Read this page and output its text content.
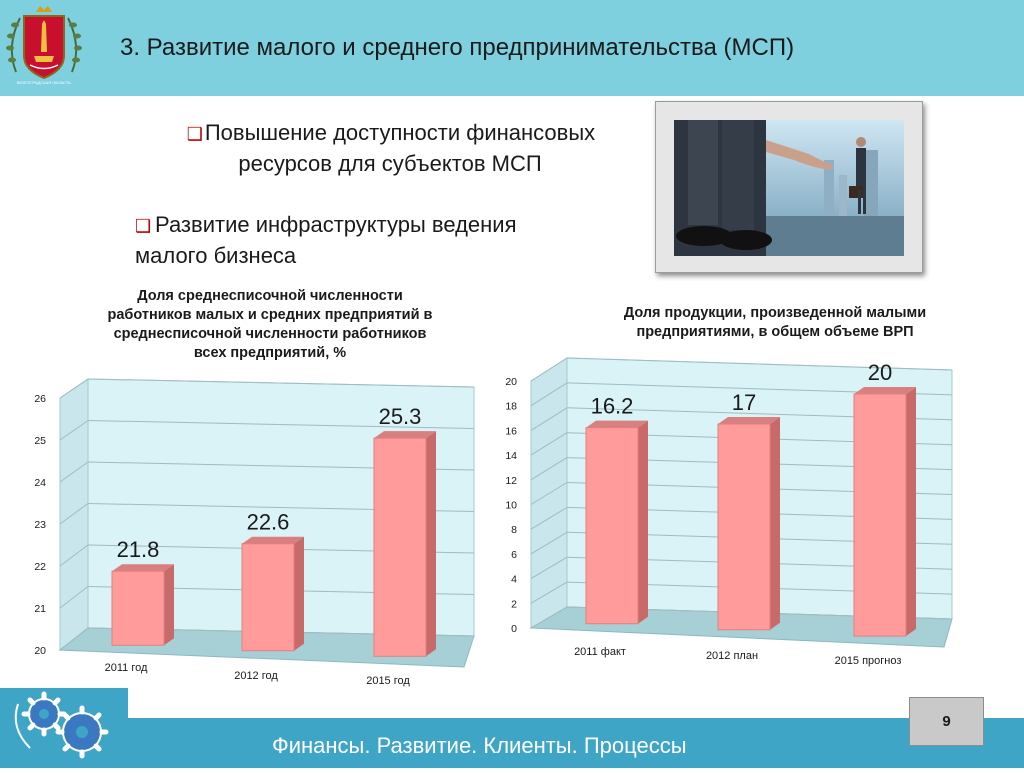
ВОЛГОГРАДСКАЯ ОБЛАСТЬ
3. Развитие малого и среднего предпринимательства (МСП)
❑Повышение доступности финансовых
ресурсов для субъектов МСП
❑ Развитие инфраструктуры ведения
малого бизнеса
Доля среднесписочной численности
работников малых и средних предприятий в
среднесписочной численности работников
всех предприятий, %
Доля продукции, произведенной малыми
предприятиями, в общем объеме ВРП
20
21
22
23
24
25
26
21.8
2011 год
22.6
2012 год
25.3
2015 год
0
2
4
6
8
10
12
14
16
18
20
16.2
2011 факт
17
2012 план
20
2015 прогноз
Финансы. Развитие. Клиенты. Процессы
9
